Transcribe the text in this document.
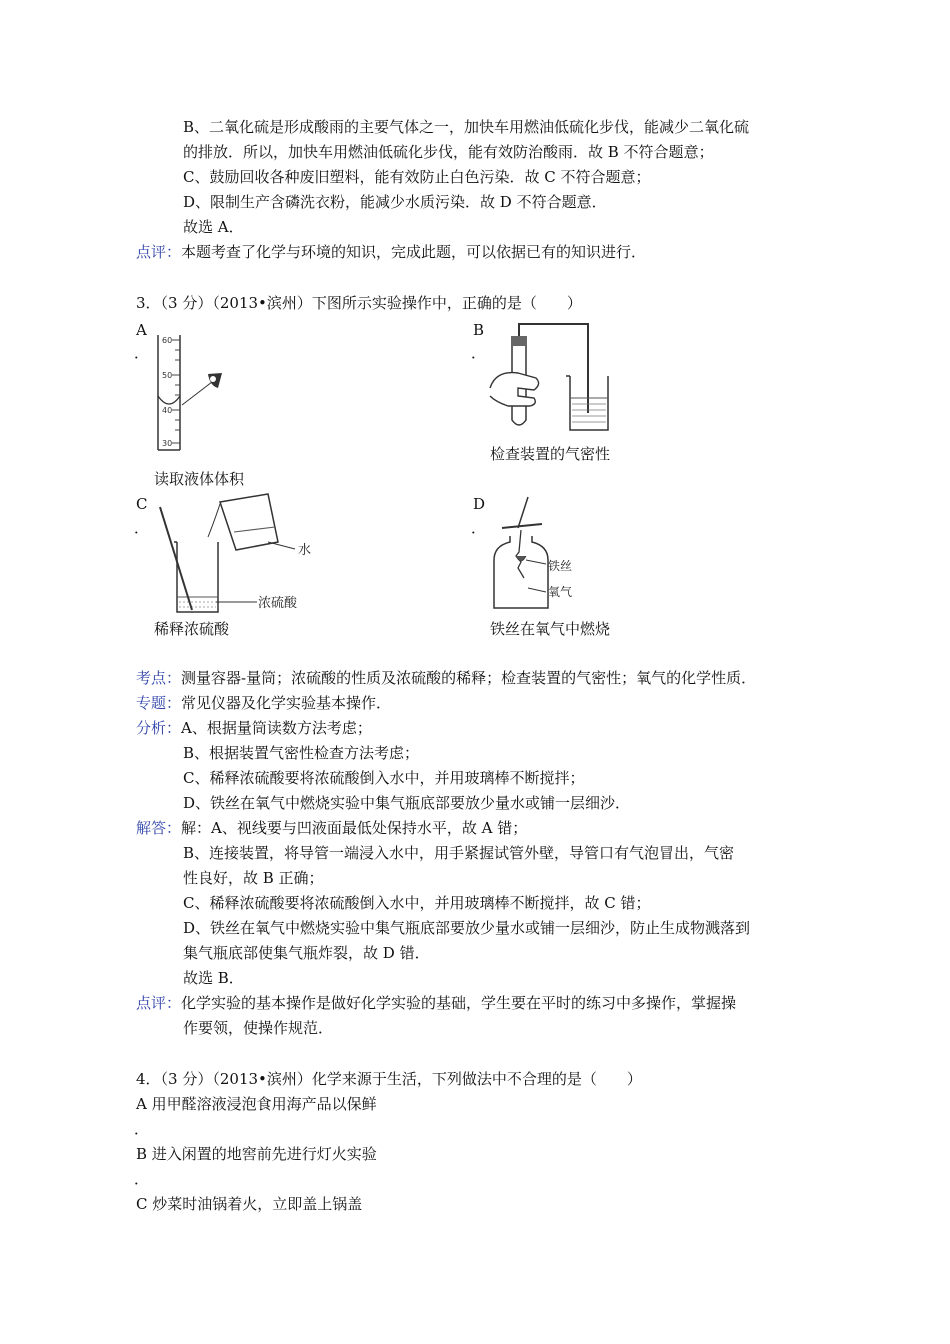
B、二氧化硫是形成酸雨的主要气体之一，加快车用燃油低硫化步伐，能减少二氧化硫
的排放．所以，加快车用燃油低硫化步伐，能有效防治酸雨．故 B 不符合题意；
C、鼓励回收各种废旧塑料，能有效防止白色污染．故 C 不符合题意；
D、限制生产含磷洗衣粉，能减少水质污染．故 D 不符合题意．
故选 A．
点评：本题考查了化学与环境的知识，完成此题，可以依据已有的知识进行．
3．（3 分）（2013•滨州）下图所示实验操作中，正确的是（　　）
A
．
60
50
40
30
读取液体体积
B
．
检查装置的气密性
C
．
水
浓硫酸
稀释浓硫酸
D
．
铁丝
氧气
铁丝在氧气中燃烧
考点：测量容器-量筒；浓硫酸的性质及浓硫酸的稀释；检查装置的气密性；氧气的化学性质．
专题：常见仪器及化学实验基本操作．
分析：A、根据量筒读数方法考虑；
B、根据装置气密性检查方法考虑；
C、稀释浓硫酸要将浓硫酸倒入水中，并用玻璃棒不断搅拌；
D、铁丝在氧气中燃烧实验中集气瓶底部要放少量水或铺一层细沙．
解答：解：A、视线要与凹液面最低处保持水平，故 A 错；
B、连接装置，将导管一端浸入水中，用手紧握试管外壁，导管口有气泡冒出，气密
性良好，故 B 正确；
C、稀释浓硫酸要将浓硫酸倒入水中，并用玻璃棒不断搅拌，故 C 错；
D、铁丝在氧气中燃烧实验中集气瓶底部要放少量水或铺一层细沙，防止生成物溅落到
集气瓶底部使集气瓶炸裂，故 D 错．
故选 B．
点评：化学实验的基本操作是做好化学实验的基础，学生要在平时的练习中多操作，掌握操
作要领，使操作规范．
4．（3 分）（2013•滨州）化学来源于生活，下列做法中不合理的是（　　）
A 用甲醛溶液浸泡食用海产品以保鲜
．
B 进入闲置的地窖前先进行灯火实验
．
C 炒菜时油锅着火，立即盖上锅盖
